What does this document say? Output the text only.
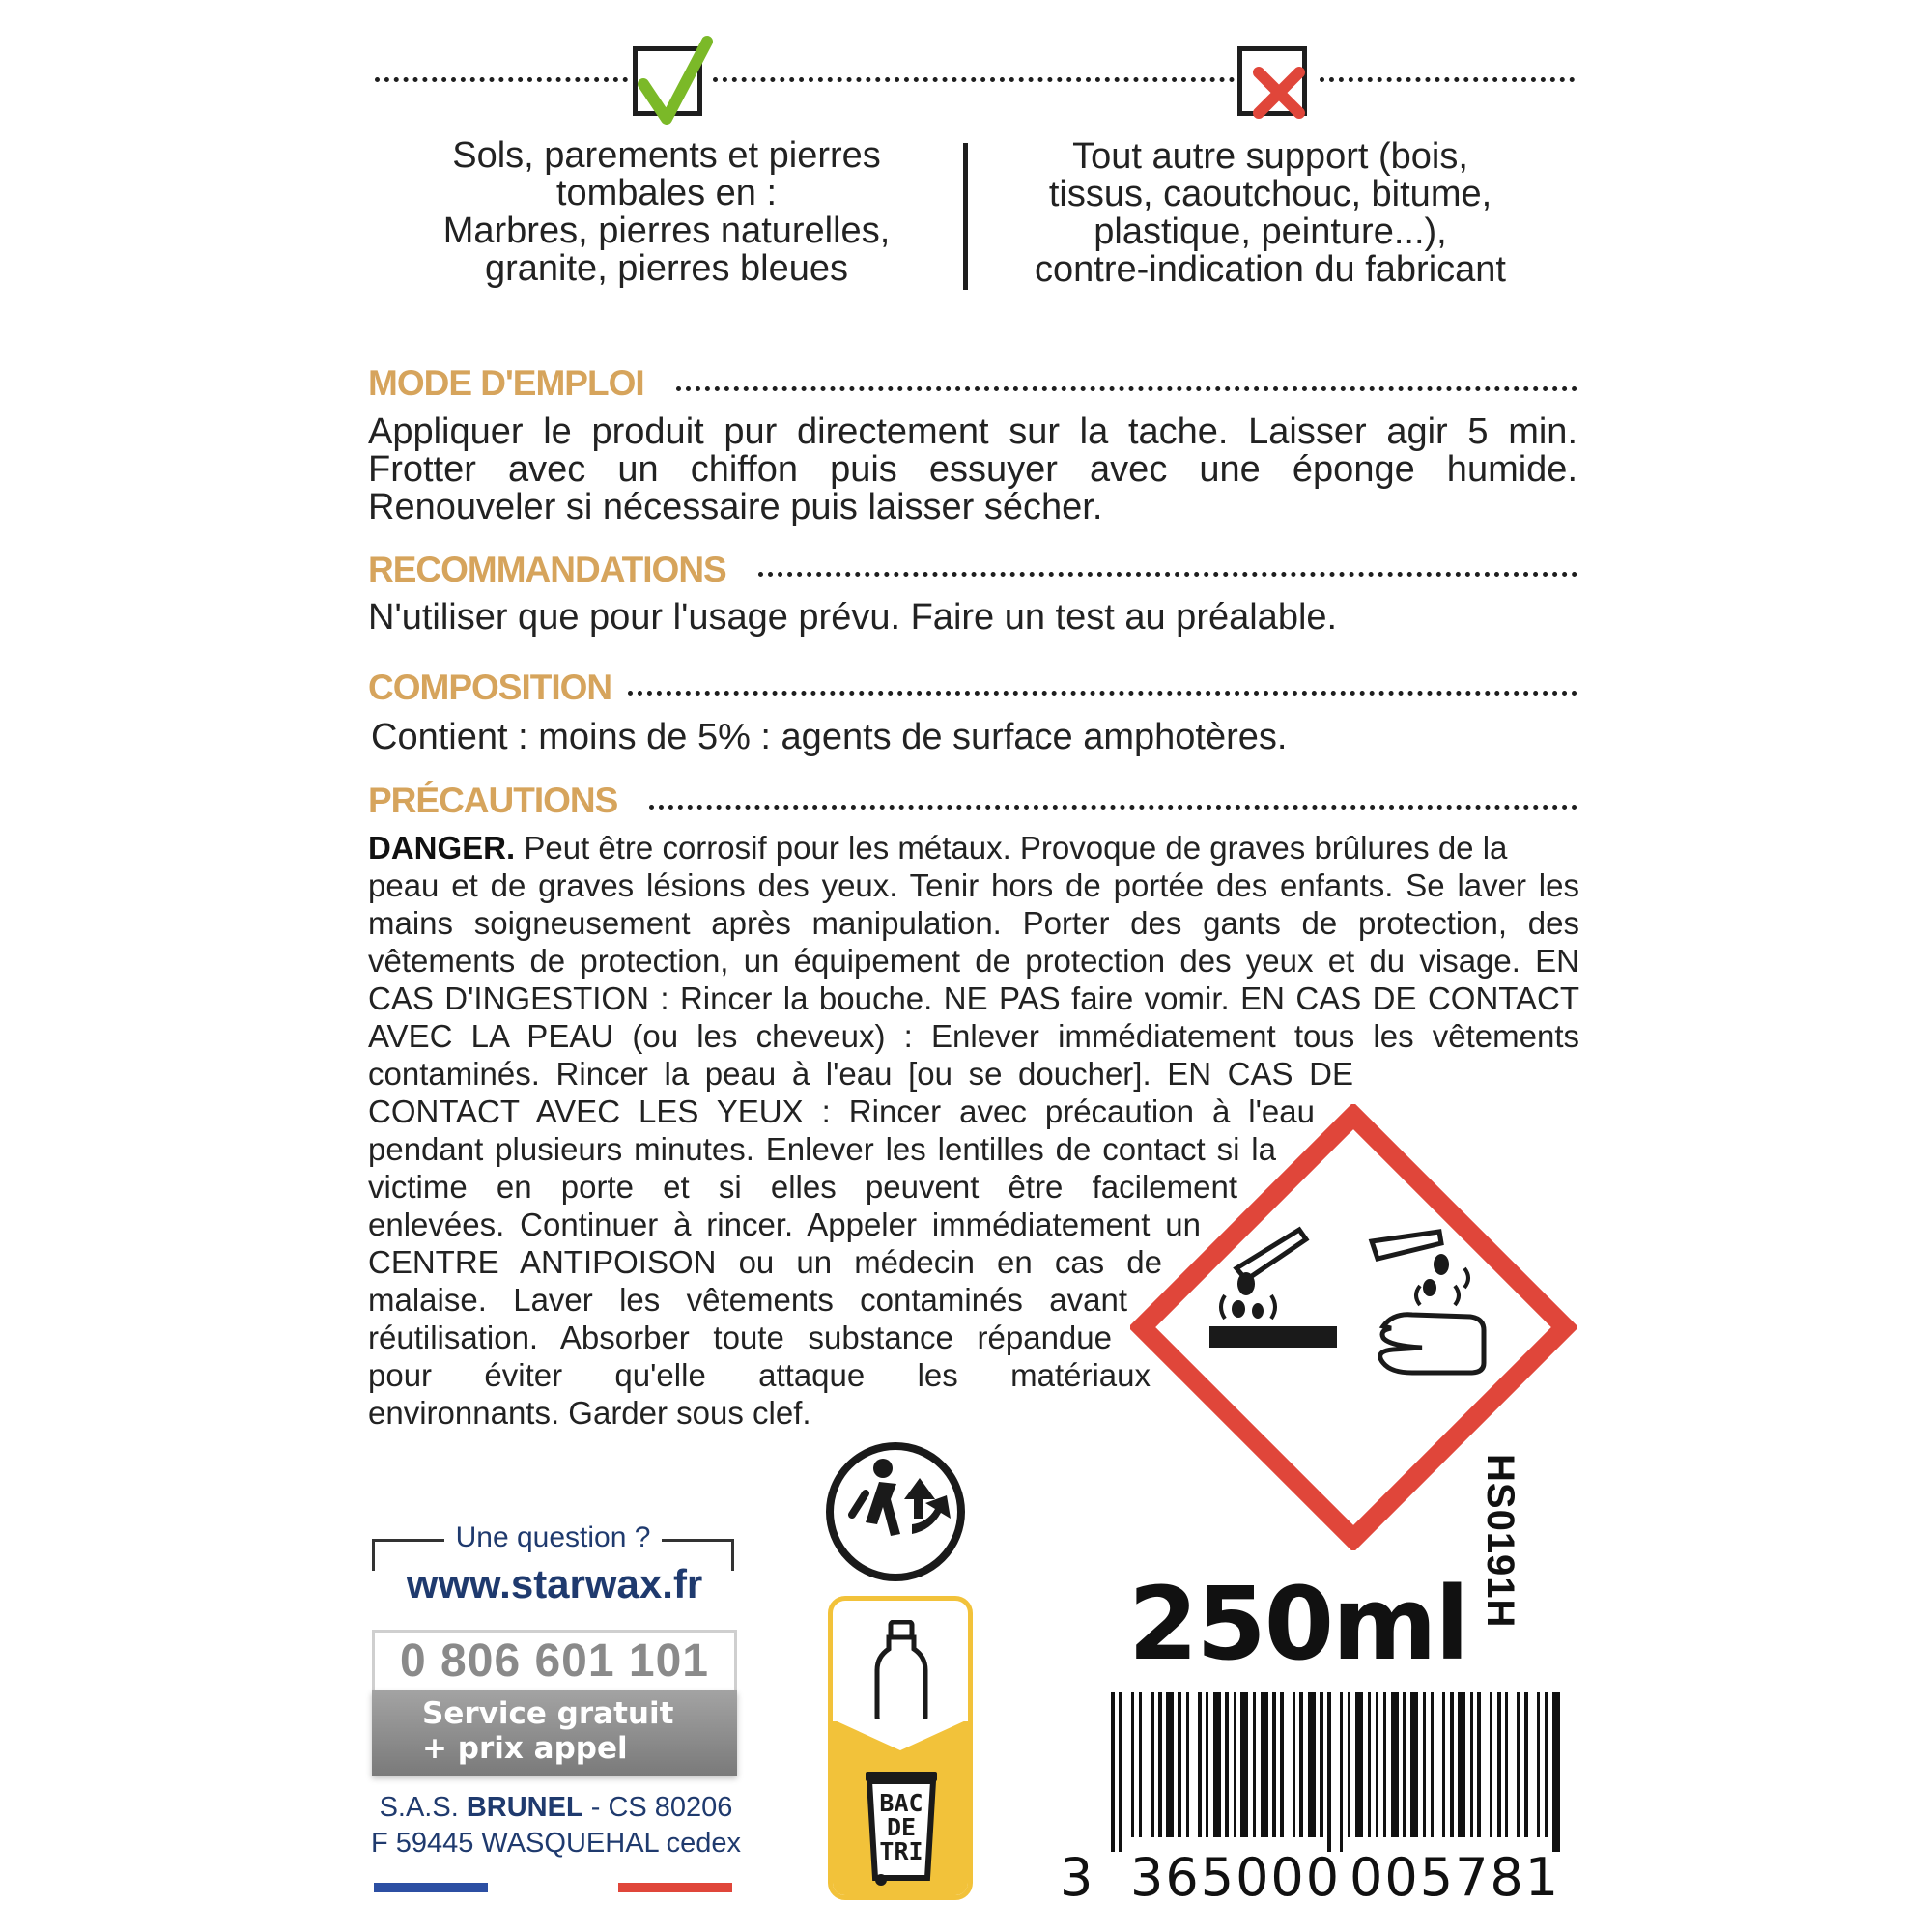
Sols, parements et pierres
tombales en :
Marbres, pierres naturelles,
granite, pierres bleues
Tout autre support (bois,
tissus, caoutchouc, bitume,
plastique, peinture...),
contre-indication du fabricant
MODE D'EMPLOI
Appliquer le produit pur directement sur la tache. Laisser agir 5 min. Frotter avec un chiffon puis essuyer avec une éponge humide. Renouveler si nécessaire puis laisser sécher.
RECOMMANDATIONS
N'utiliser que pour l'usage prévu. Faire un test au préalable.
COMPOSITION
Contient : moins de 5% : agents de surface amphotères.
PRÉCAUTIONS
DANGER. Peut être corrosif pour les métaux. Provoque de graves brûlures de la
peau et de graves lésions des yeux. Tenir hors de portée des enfants. Se laver les
mains soigneusement après manipulation. Porter des gants de protection, des
vêtements de protection, un équipement de protection des yeux et du visage. EN
CAS D'INGESTION : Rincer la bouche. NE PAS faire vomir. EN CAS DE CONTACT
AVEC LA PEAU (ou les cheveux) : Enlever immédiatement tous les vêtements
contaminés. Rincer la peau à l'eau [ou se doucher]. EN CAS DE
CONTACT AVEC LES YEUX : Rincer avec précaution à l'eau
pendant plusieurs minutes. Enlever les lentilles de contact si la
victime en porte et si elles peuvent être facilement
enlevées. Continuer à rincer. Appeler immédiatement un
CENTRE ANTIPOISON ou un médecin en cas de
malaise. Laver les vêtements contaminés avant
réutilisation. Absorber toute substance répandue
pour éviter qu'elle attaque les matériaux
environnants. Garder sous clef.
HS0191H
Une question ?
www.starwax.fr
0 806 601 101
Service gratuit
+ prix appel
S.A.S. BRUNEL - CS 80206
F 59445 WASQUEHAL cedex
BAC
DE
TRI
250ml
3 365000 005781
